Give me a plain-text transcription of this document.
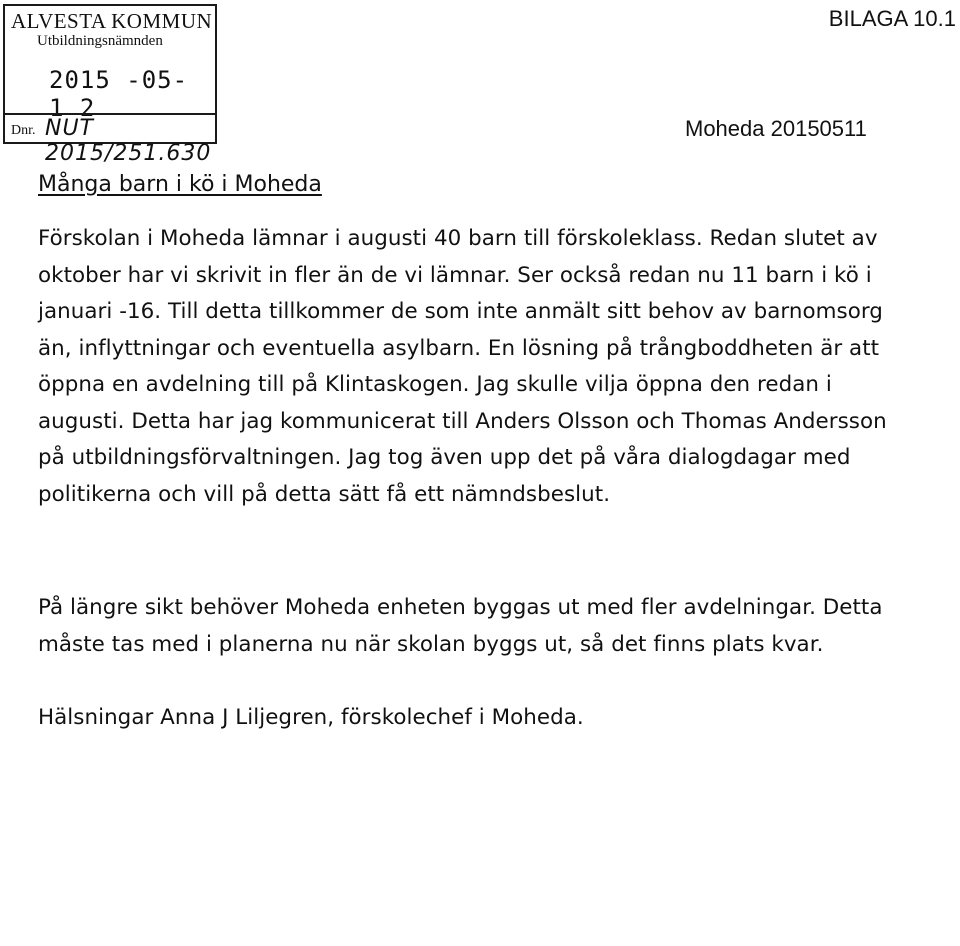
ALVESTA KOMMUN
Utbildningsnämnden
2015 -05- 1 2
Dnr. NUT 2015/251.630
BILAGA 10.1
Moheda 20150511
Många barn i kö i Moheda

Förskolan i Moheda lämnar i augusti 40 barn till förskoleklass. Redan slutet av oktober har vi skrivit in fler än de vi lämnar. Ser också redan nu 11 barn i kö i januari -16. Till detta tillkommer de som inte anmält sitt behov av barnomsorg än, inflyttningar och eventuella asylbarn. En lösning på trångboddheten är att öppna en avdelning till på Klintaskogen. Jag skulle vilja öppna den redan i augusti. Detta har jag kommunicerat till Anders Olsson och Thomas Andersson på utbildningsförvaltningen. Jag tog även upp det på våra dialogdagar med politikerna och vill på detta sätt få ett nämndsbeslut.

På längre sikt behöver Moheda enheten byggas ut med fler avdelningar. Detta måste tas med i planerna nu när skolan byggs ut, så det finns plats kvar.

Hälsningar Anna J Liljegren, förskolechef i Moheda.
